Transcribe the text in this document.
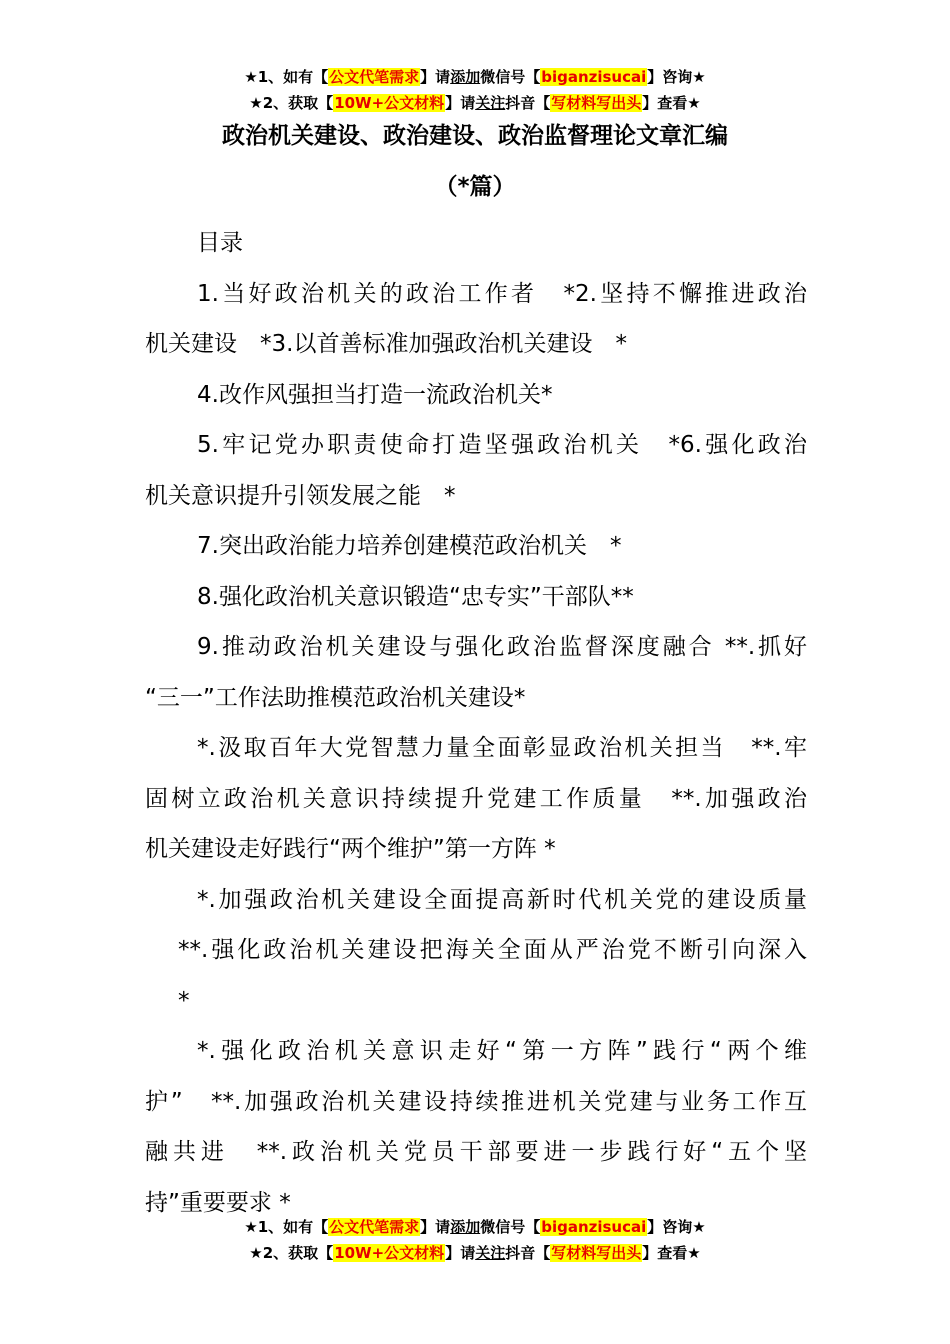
★1、如有【公文代笔需求】请添加微信号【biganzisucai】咨询★
★2、获取【10W+公文材料】请关注抖音【写材料写出头】查看★
政治机关建设、政治建设、政治监督理论文章汇编
（*篇）
目录
1.当好政治机关的政治工作者　*2.坚持不懈推进政治
机关建设　*3.以首善标准加强政治机关建设　*
4.改作风强担当打造一流政治机关*
5.牢记党办职责使命打造坚强政治机关　*6.强化政治
机关意识提升引领发展之能　*
7.突出政治能力培养创建模范政治机关　*
8.强化政治机关意识锻造“忠专实”干部队**
9.推动政治机关建设与强化政治监督深度融合 **.抓好
“三一”工作法助推模范政治机关建设*
*.汲取百年大党智慧力量全面彰显政治机关担当　**.牢
固树立政治机关意识持续提升党建工作质量　**.加强政治
机关建设走好践行“两个维护”第一方阵 *
*.加强政治机关建设全面提高新时代机关党的建设质量
**.强化政治机关建设把海关全面从严治党不断引向深入
*
*.强化政治机关意识走好“第一方阵”践行“两个维
护”　**.加强政治机关建设持续推进机关党建与业务工作互
融共进　**.政治机关党员干部要进一步践行好“五个坚
持”重要要求 *
★1、如有【公文代笔需求】请添加微信号【biganzisucai】咨询★
★2、获取【10W+公文材料】请关注抖音【写材料写出头】查看★
